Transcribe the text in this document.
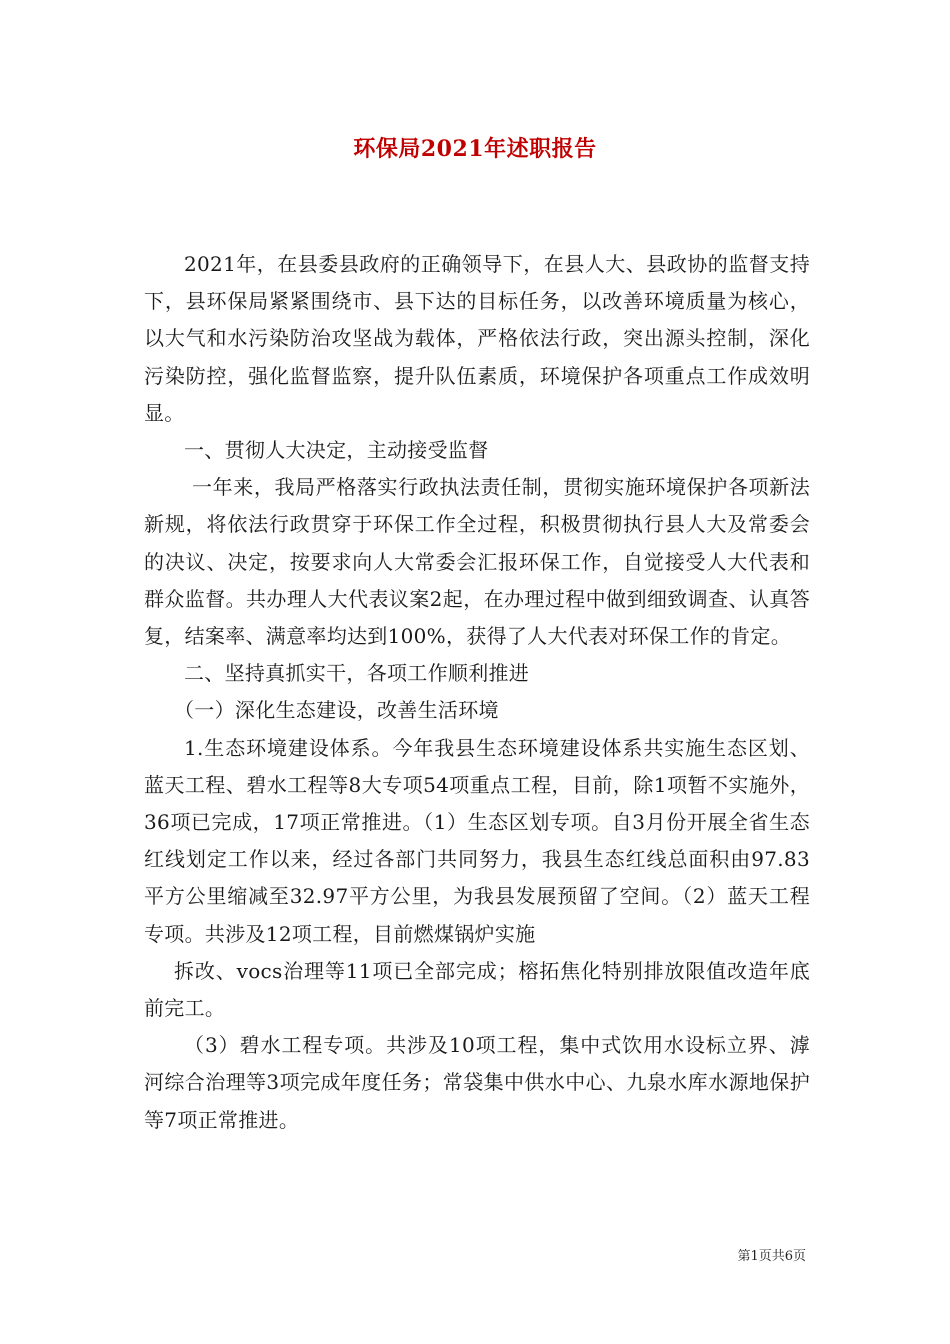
环保局2021年述职报告

2021年，在县委县政府的正确领导下，在县人大、县政协的监督支持下，县环保局紧紧围绕市、县下达的目标任务，以改善环境质量为核心，以大气和水污染防治攻坚战为载体，严格依法行政，突出源头控制，深化污染防控，强化监督监察，提升队伍素质，环境保护各项重点工作成效明显。

一、贯彻人大决定，主动接受监督

一年来，我局严格落实行政执法责任制，贯彻实施环境保护各项新法新规，将依法行政贯穿于环保工作全过程，积极贯彻执行县人大及常委会的决议、决定，按要求向人大常委会汇报环保工作，自觉接受人大代表和群众监督。共办理人大代表议案2起，在办理过程中做到细致调查、认真答复，结案率、满意率均达到100%，获得了人大代表对环保工作的肯定。

二、坚持真抓实干，各项工作顺利推进

（一）深化生态建设，改善生活环境

1.生态环境建设体系。今年我县生态环境建设体系共实施生态区划、蓝天工程、碧水工程等8大专项54项重点工程，目前，除1项暂不实施外，36项已完成，17项正常推进。（1）生态区划专项。自3月份开展全省生态红线划定工作以来，经过各部门共同努力，我县生态红线总面积由97.83平方公里缩减至32.97平方公里，为我县发展预留了空间。（2）蓝天工程专项。共涉及12项工程，目前燃煤锅炉实施

拆改、vocs治理等11项已全部完成；榕拓焦化特别排放限值改造年底前完工。

（3）碧水工程专项。共涉及10项工程，集中式饮用水设标立界、滹河综合治理等3项完成年度任务；常袋集中供水中心、九泉水库水源地保护等7项正常推进。

第1页共6页
